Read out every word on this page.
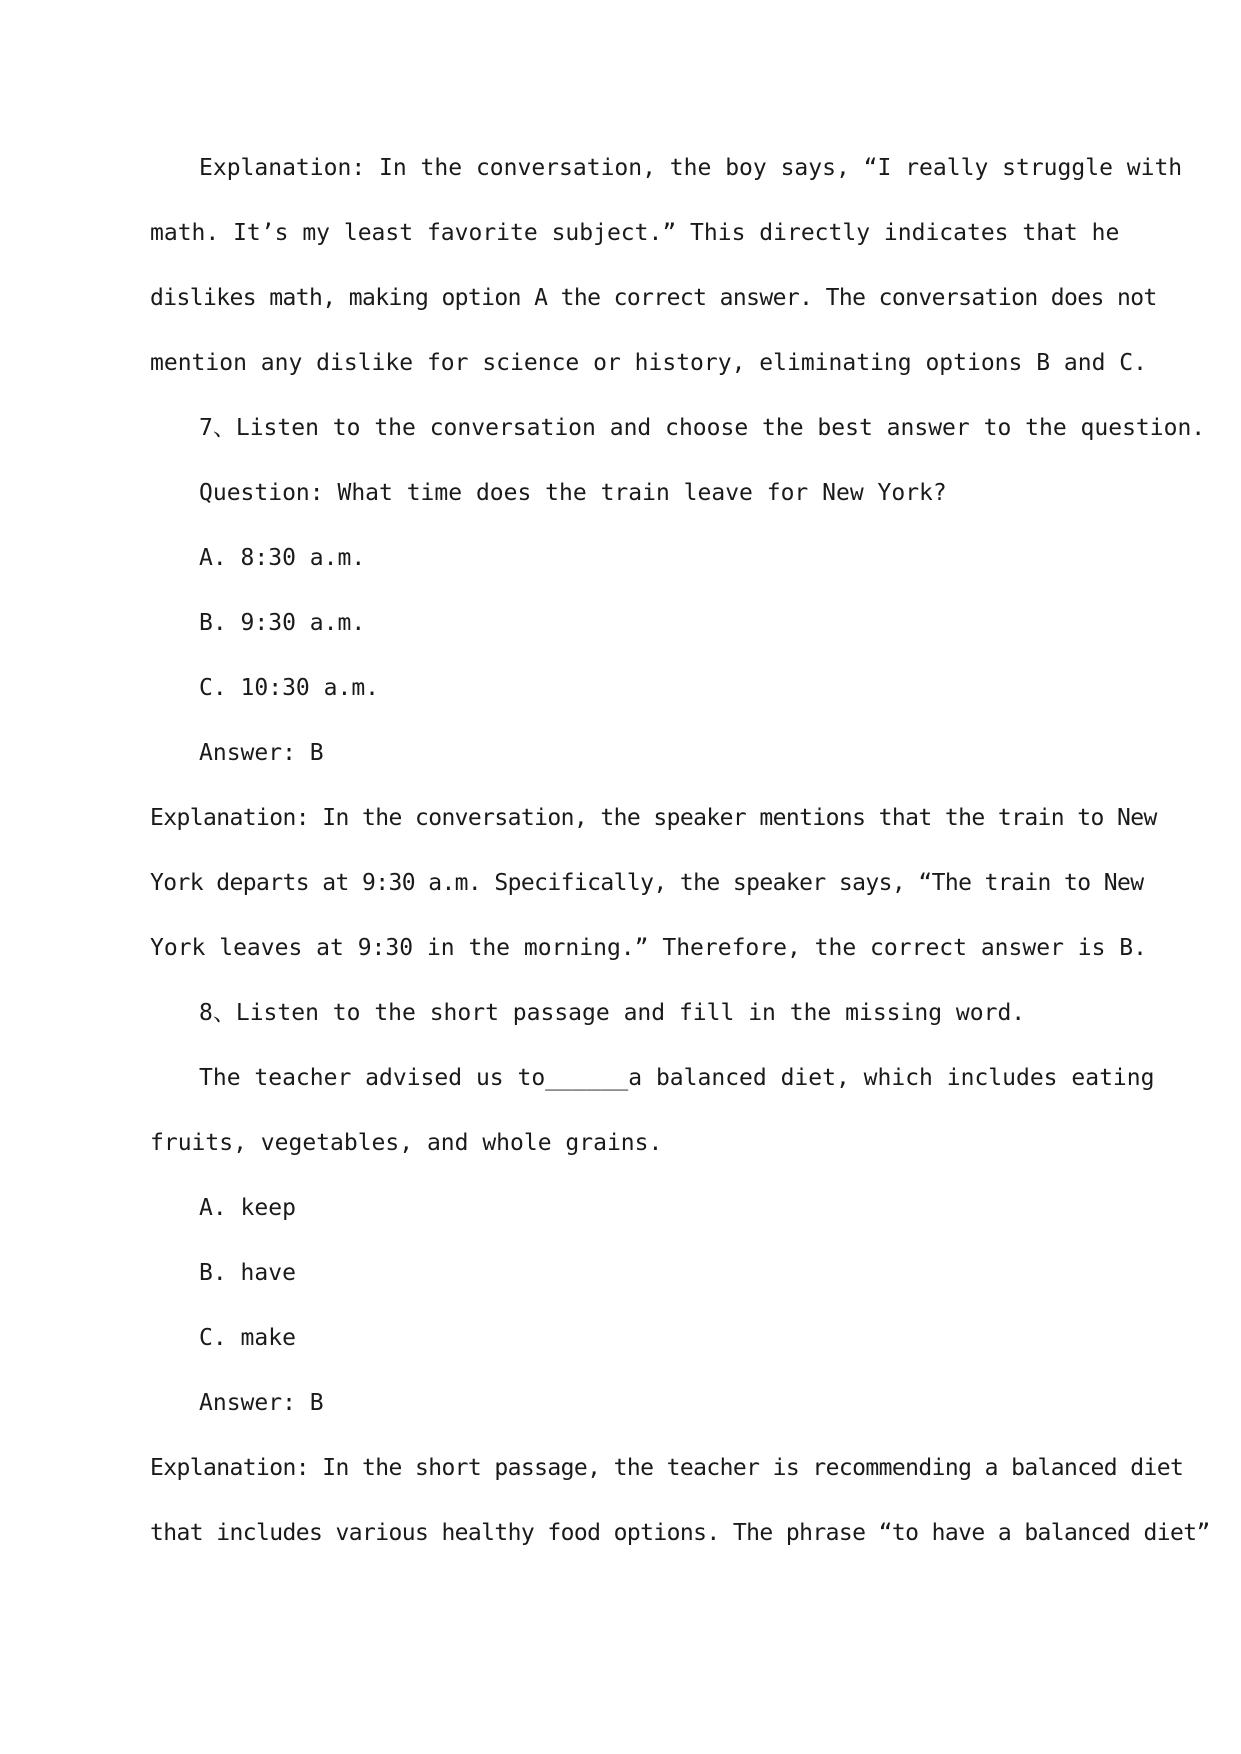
Explanation: In the conversation, the boy says, “I really struggle with
math. It’s my least favorite subject.” This directly indicates that he
dislikes math, making option A the correct answer. The conversation does not
mention any dislike for science or history, eliminating options B and C.
7、Listen to the conversation and choose the best answer to the question.
Question: What time does the train leave for New York?
A. 8:30 a.m.
B. 9:30 a.m.
C. 10:30 a.m.
Answer: B
Explanation: In the conversation, the speaker mentions that the train to New
York departs at 9:30 a.m. Specifically, the speaker says, “The train to New
York leaves at 9:30 in the morning.” Therefore, the correct answer is B.
8、Listen to the short passage and fill in the missing word.
The teacher advised us to______a balanced diet, which includes eating
fruits, vegetables, and whole grains.
A. keep
B. have
C. make
Answer: B
Explanation: In the short passage, the teacher is recommending a balanced diet
that includes various healthy food options. The phrase “to have a balanced diet”
